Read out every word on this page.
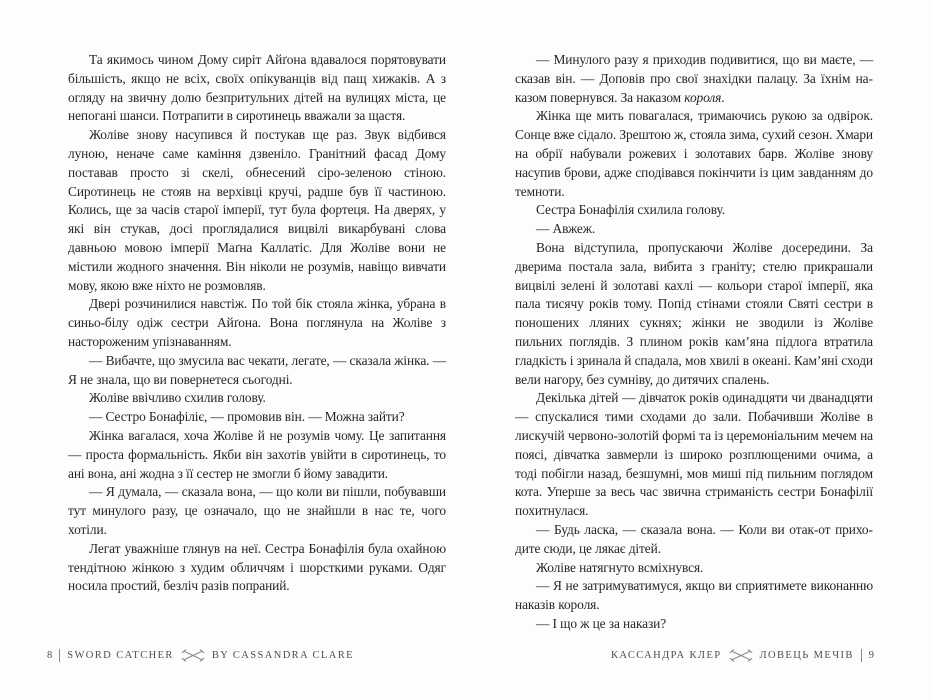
Та якимось чином Дому сиріт Айґона вдавалося порятовувати більшість, якщо не всіх, своїх опікуванців від пащ хижаків. А з огляду на звичну долю безпритульних дітей на вулицях міста, це непогані шанси. Потрапити в сиротинець вважали за щастя.

Жоліве знову насупився й постукав ще раз. Звук відбився луною, неначе саме каміння дзвеніло. Гранітний фасад Дому поставав просто зі скелі, обнесений сіро-зеленою стіною. Сиротинець не стояв на верхівці кручі, радше був її частиною. Колись, ще за часів старої імперії, тут була фортеця. На дверях, у які він стукав, досі проглядалися вицвілі викарбувані слова давньою мовою імперії Маґна Каллатіс. Для Жоліве вони не містили жодного значення. Він ніколи не розумів, навіщо вивчати мову, якою вже ніхто не розмовляв.

Двері розчинилися навстіж. По той бік стояла жінка, убрана в синьо-білу одіж сестри Айґона. Вона поглянула на Жоліве з настороженим упізнаванням.

— Вибачте, що змусила вас чекати, легате, — сказала жінка. — Я не знала, що ви повернетеся сьогодні.

Жоліве ввічливо схилив голову.

— Сестро Бонафіліє, — промовив він. — Можна зайти?

Жінка вагалася, хоча Жоліве й не розумів чому. Це запитання — проста формальність. Якби він захотів увійти в сиротинець, то ані вона, ані жодна з її сестер не змогли б йому завадити.

— Я думала, — сказала вона, — що коли ви пішли, побувавши тут минулого разу, це означало, що не знайшли в нас те, чого хотіли.

Легат уважніше глянув на неї. Сестра Бонафілія була охайною тендітною жінкою з худим обличчям і шорсткими руками. Одяг носила простий, безліч разів попраний.

8 SWORD CATCHER	BY CASSANDRA CLARE

— Минулого разу я приходив подивитися, що ви маєте, — сказав він. — Доповів про свої знахідки палацу. За їхнім наказом повернувся. За наказом короля.

Жінка ще мить повагалася, тримаючись рукою за одвірок. Сонце вже сідало. Зрештою ж, стояла зима, сухий сезон. Хмари на обрії набували рожевих і золотавих барв. Жоліве знову насупив брови, адже сподівався покінчити із цим завданням до темноти.

Сестра Бонафілія схилила голову.

— Авжеж.

Вона відступила, пропускаючи Жоліве досередини. За дверима постала зала, вибита з граніту; стелю прикрашали вицвілі зелені й золотаві кахлі — кольори старої імперії, яка пала тисячу років тому. Попід стінами стояли Святі сестри в поношених лляних сукнях; жінки не зводили із Жоліве пильних поглядів. З плином років кам’яна підлога втратила гладкість і зринала й спадала, мов хвилі в океані. Кам’яні сходи вели нагору, без сумніву, до дитячих спалень.

Декілька дітей — дівчаток років одинадцяти чи дванадцяти — спускалися тими сходами до зали. Побачивши Жоліве в лискучій червоно-золотій формі та із церемоніальним мечем на поясі, дівчатка завмерли із широко розплющеними очима, а тоді побігли назад, безшумні, мов миші під пильним поглядом кота. Уперше за весь час звична стриманість сестри Бонафілії похитнулася.

— Будь ласка, — сказала вона. — Коли ви отак-от приходите сюди, це лякає дітей.

Жоліве натягнуто всміхнувся.

— Я не затримуватимуся, якщо ви сприятимете виконанню наказів короля.

— І що ж це за накази?

КАССАНДРА КЛЕР	ЛОВЕЦЬ МЕЧІВ 9
